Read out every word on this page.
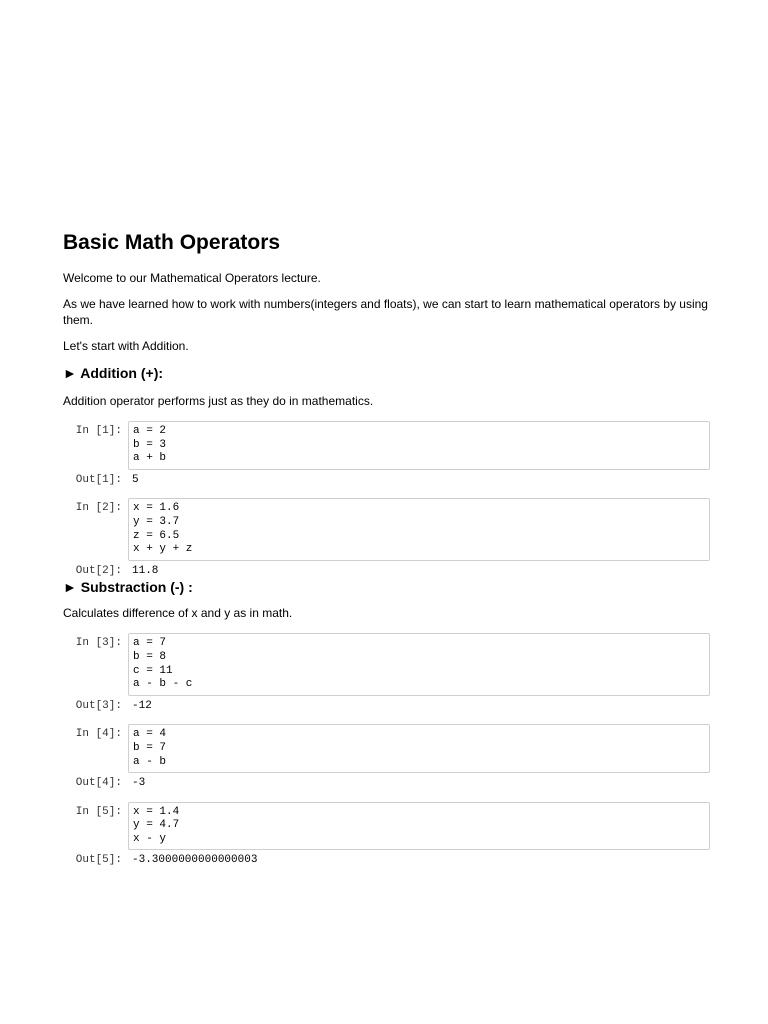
Basic Math Operators

Welcome to our Mathematical Operators lecture.

As we have learned how to work with numbers(integers and floats), we can start to learn mathematical operators by using them.

Let's start with Addition.

► Addition (+):

Addition operator performs just as they do in mathematics.

In [1]:	a = 2
b = 3
a + b
Out[1]: 5
In [2]:	x = 1.6
y = 3.7
z = 6.5
x + y + z
Out[2]: 11.8
► Substraction (-) :

Calculates difference of x and y as in math.

In [3]:	a = 7
b = 8
c = 11
a - b - c
Out[3]: -12
In [4]:	a = 4
b = 7
a - b
Out[4]: -3
In [5]:	x = 1.4
y = 4.7
x - y
Out[5]: -3.3000000000000003
